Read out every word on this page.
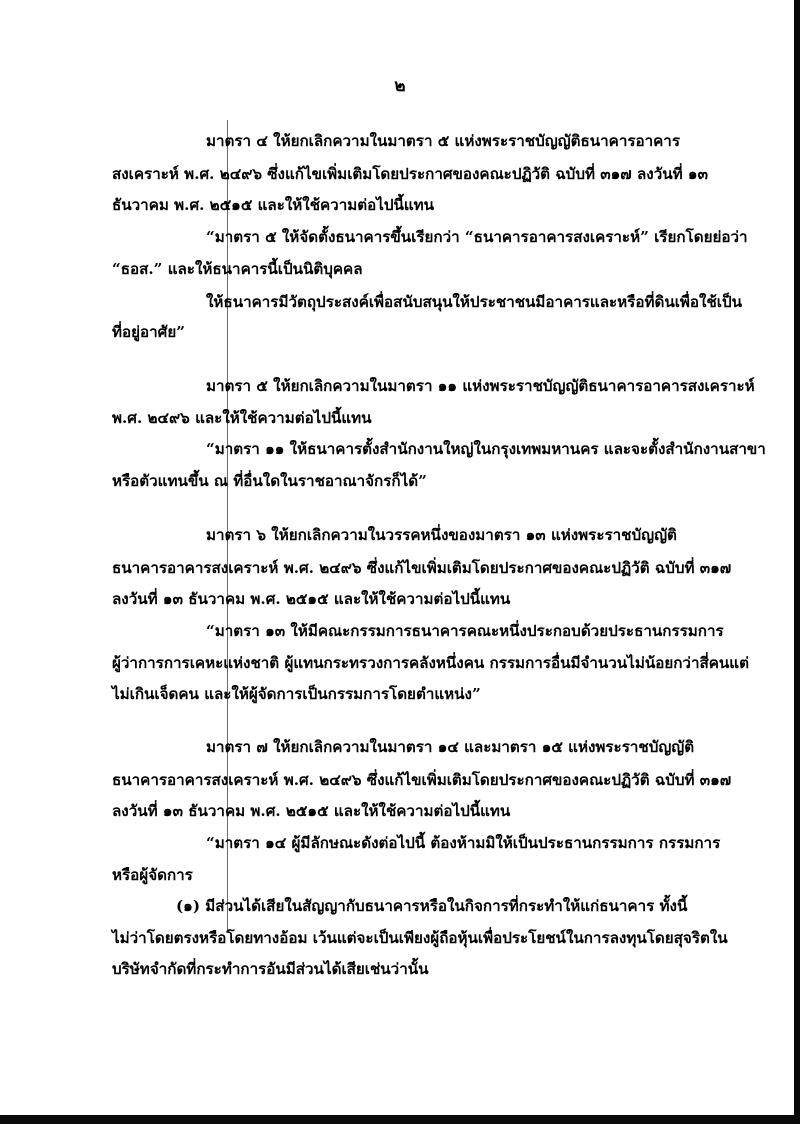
๒
มาตรา ๔ ให้ยกเลิกความในมาตรา ๕ แห่งพระราชบัญญัติธนาคารอาคาร
สงเคราะห์ พ.ศ. ๒๔๙๖ ซึ่งแก้ไขเพิ่มเติมโดยประกาศของคณะปฏิวัติ ฉบับที่ ๓๑๗ ลงวันที่ ๑๓
ธันวาคม พ.ศ. ๒๕๑๕ และให้ใช้ความต่อไปนี้แทน
“มาตรา ๕ ให้จัดตั้งธนาคารขึ้นเรียกว่า “ธนาคารอาคารสงเคราะห์” เรียกโดยย่อว่า
“ธอส.” และให้ธนาคารนี้เป็นนิติบุคคล
ให้ธนาคารมีวัตถุประสงค์เพื่อสนับสนุนให้ประชาชนมีอาคารและหรือที่ดินเพื่อใช้เป็น
ที่อยู่อาศัย”
มาตรา ๕ ให้ยกเลิกความในมาตรา ๑๑ แห่งพระราชบัญญัติธนาคารอาคารสงเคราะห์
พ.ศ. ๒๔๙๖ และให้ใช้ความต่อไปนี้แทน
“มาตรา ๑๑ ให้ธนาคารตั้งสำนักงานใหญ่ในกรุงเทพมหานคร และจะตั้งสำนักงานสาขา
หรือตัวแทนขึ้น ณ ที่อื่นใดในราชอาณาจักรก็ได้”
มาตรา ๖ ให้ยกเลิกความในวรรคหนึ่งของมาตรา ๑๓ แห่งพระราชบัญญัติ
ธนาคารอาคารสงเคราะห์ พ.ศ. ๒๔๙๖ ซึ่งแก้ไขเพิ่มเติมโดยประกาศของคณะปฏิวัติ ฉบับที่ ๓๑๗
ลงวันที่ ๑๓ ธันวาคม พ.ศ. ๒๕๑๕ และให้ใช้ความต่อไปนี้แทน
“มาตรา ๑๓ ให้มีคณะกรรมการธนาคารคณะหนึ่งประกอบด้วยประธานกรรมการ
ผู้ว่าการการเคหะแห่งชาติ ผู้แทนกระทรวงการคลังหนึ่งคน กรรมการอื่นมีจำนวนไม่น้อยกว่าสี่คนแต่
ไม่เกินเจ็ดคน และให้ผู้จัดการเป็นกรรมการโดยตำแหน่ง”
มาตรา ๗ ให้ยกเลิกความในมาตรา ๑๔ และมาตรา ๑๕ แห่งพระราชบัญญัติ
ธนาคารอาคารสงเคราะห์ พ.ศ. ๒๔๙๖ ซึ่งแก้ไขเพิ่มเติมโดยประกาศของคณะปฏิวัติ ฉบับที่ ๓๑๗
ลงวันที่ ๑๓ ธันวาคม พ.ศ. ๒๕๑๕ และให้ใช้ความต่อไปนี้แทน
“มาตรา ๑๔ ผู้มีลักษณะดังต่อไปนี้ ต้องห้ามมิให้เป็นประธานกรรมการ กรรมการ
หรือผู้จัดการ
(๑) มีส่วนได้เสียในสัญญากับธนาคารหรือในกิจการที่กระทำให้แก่ธนาคาร ทั้งนี้
ไม่ว่าโดยตรงหรือโดยทางอ้อม เว้นแต่จะเป็นเพียงผู้ถือหุ้นเพื่อประโยชน์ในการลงทุนโดยสุจริตใน
บริษัทจำกัดที่กระทำการอันมีส่วนได้เสียเช่นว่านั้น
